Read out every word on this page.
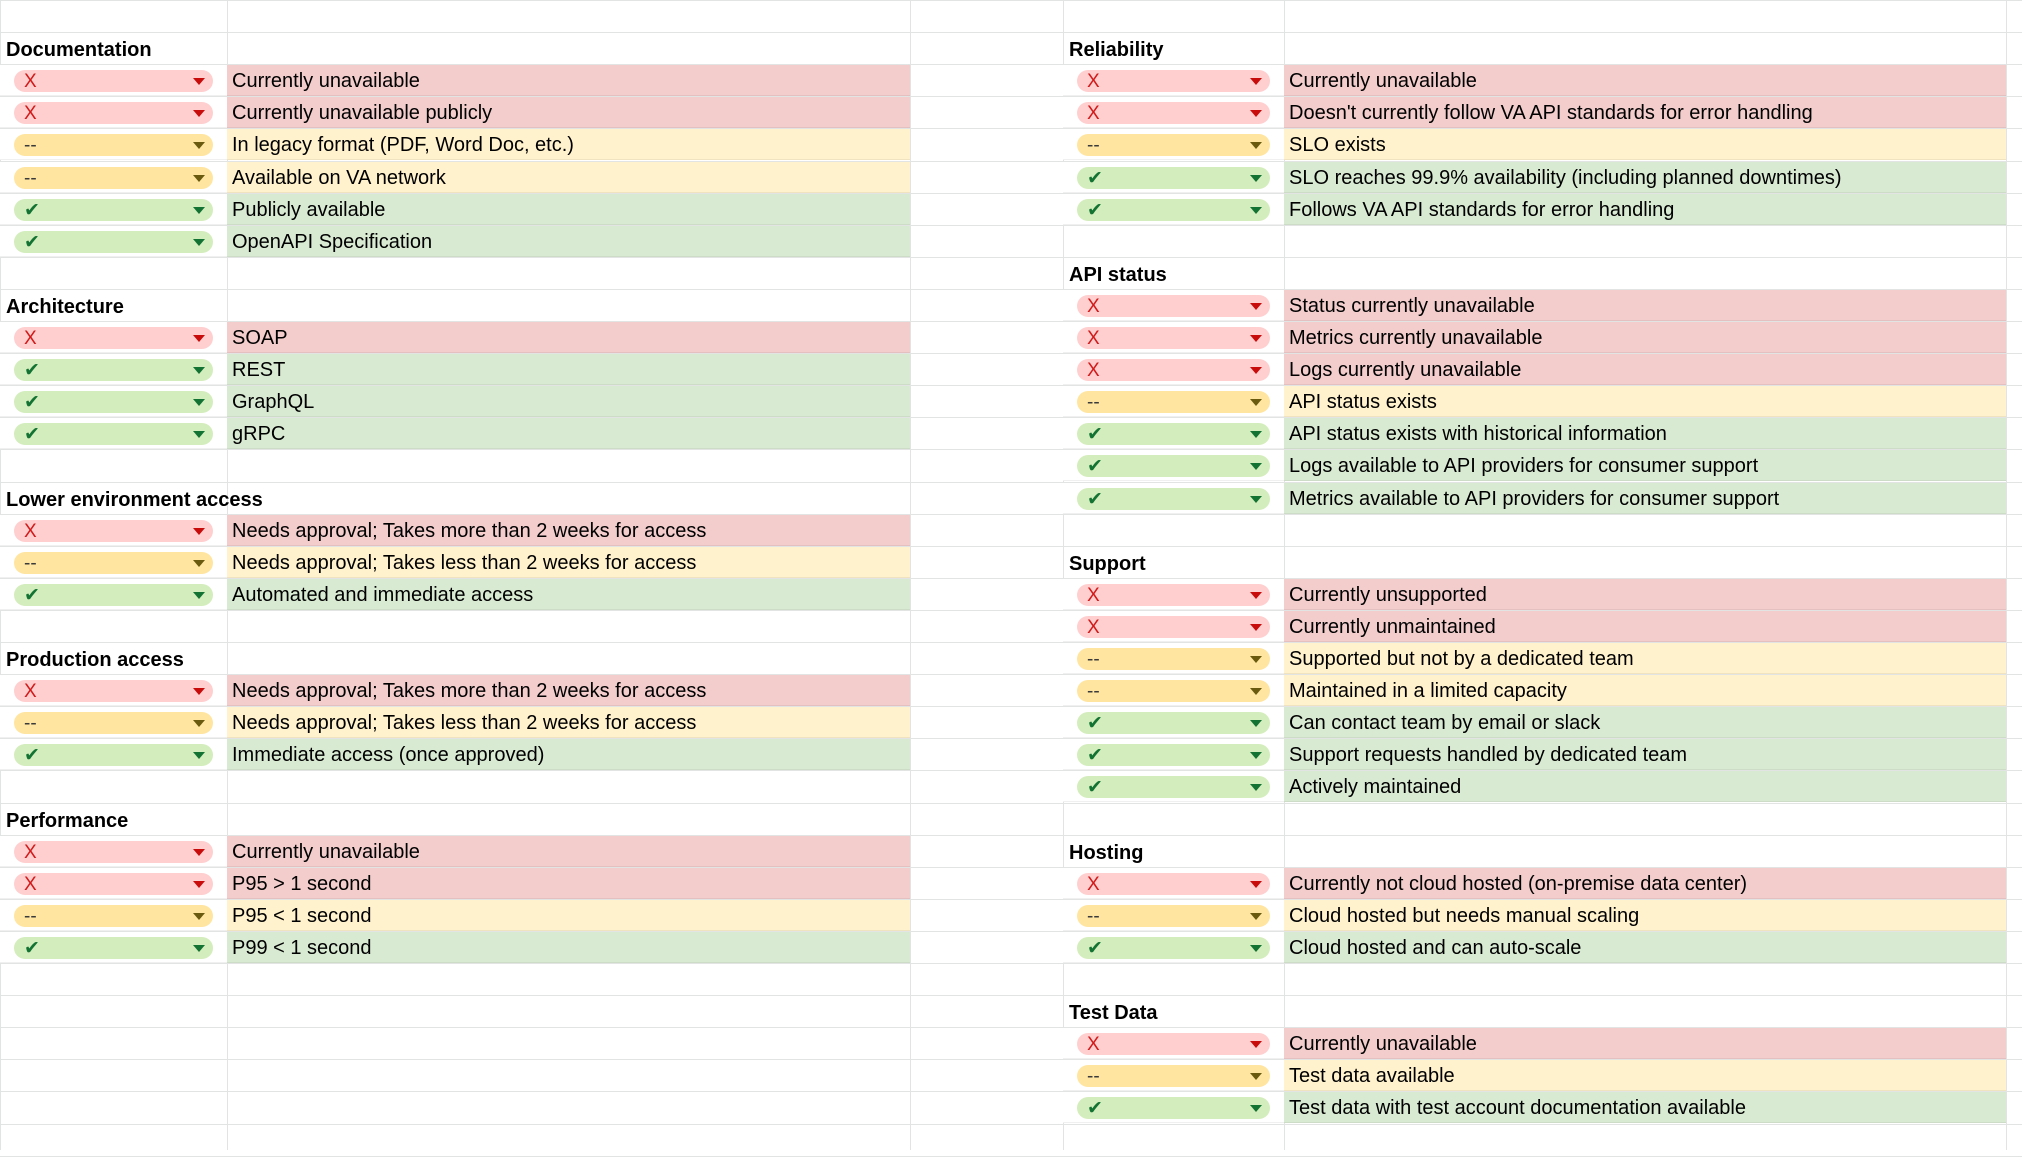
Documentation
X	Currently unavailable
X	Currently unavailable publicly
--	In legacy format (PDF, Word Doc, etc.)
--	Available on VA network
✔	Publicly available
✔	OpenAPI Specification
Architecture
X	SOAP
✔	REST
✔	GraphQL
✔	gRPC
Lower environment access
X	Needs approval; Takes more than 2 weeks for access
--	Needs approval; Takes less than 2 weeks for access
✔	Automated and immediate access
Production access
X	Needs approval; Takes more than 2 weeks for access
--	Needs approval; Takes less than 2 weeks for access
✔	Immediate access (once approved)
Performance
X	Currently unavailable
X	P95 > 1 second
--	P95 < 1 second
✔	P99 < 1 second
Reliability
X	Currently unavailable
X	Doesn't currently follow VA API standards for error handling
--	SLO exists
✔	SLO reaches 99.9% availability (including planned downtimes)
✔	Follows VA API standards for error handling
API status
X	Status currently unavailable
X	Metrics currently unavailable
X	Logs currently unavailable
--	API status exists
✔	API status exists with historical information
✔	Logs available to API providers for consumer support
✔	Metrics available to API providers for consumer support
Support
X	Currently unsupported
X	Currently unmaintained
--	Supported but not by a dedicated team
--	Maintained in a limited capacity
✔	Can contact team by email or slack
✔	Support requests handled by dedicated team
✔	Actively maintained
Hosting
X	Currently not cloud hosted (on-premise data center)
--	Cloud hosted but needs manual scaling
✔	Cloud hosted and can auto-scale
Test Data
X	Currently unavailable
--	Test data available
✔	Test data with test account documentation available
